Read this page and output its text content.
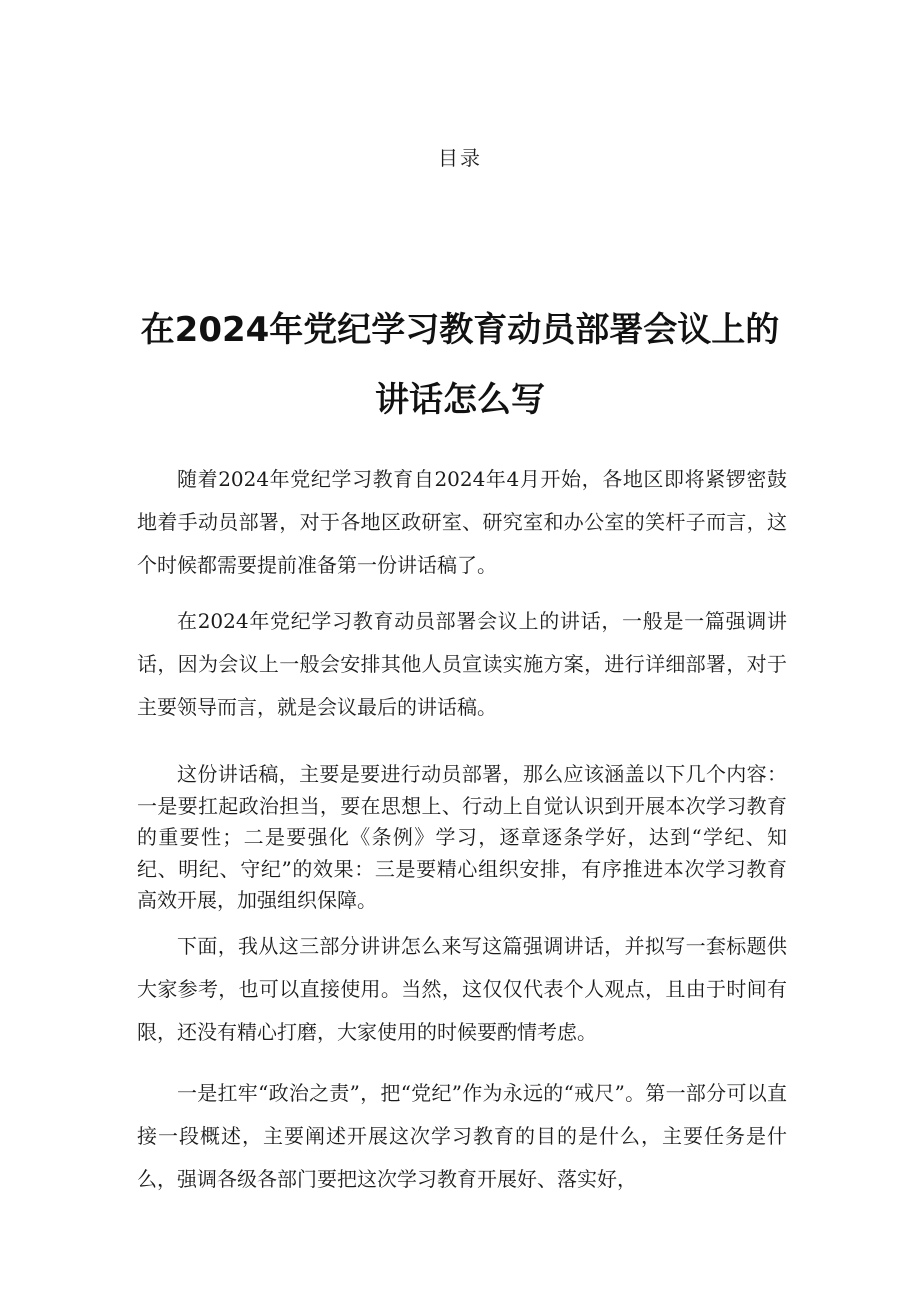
目录
在2024年党纪学习教育动员部署会议上的
讲话怎么写

随着2024年党纪学习教育自2024年4月开始，各地区即将紧锣密鼓地着手动员部署，对于各地区政研室、研究室和办公室的笑杆子而言，这个时候都需要提前准备第一份讲话稿了。

在2024年党纪学习教育动员部署会议上的讲话，一般是一篇强调讲话，因为会议上一般会安排其他人员宣读实施方案，进行详细部署，对于主要领导而言，就是会议最后的讲话稿。

这份讲话稿，主要是要进行动员部署，那么应该涵盖以下几个内容：一是要扛起政治担当，要在思想上、行动上自觉认识到开展本次学习教育的重要性；二是要强化《条例》学习，逐章逐条学好，达到“学纪、知纪、明纪、守纪”的效果：三是要精心组织安排，有序推进本次学习教育高效开展，加强组织保障。

下面，我从这三部分讲讲怎么来写这篇强调讲话，并拟写一套标题供大家参考，也可以直接使用。当然，这仅仅代表个人观点，且由于时间有限，还没有精心打磨，大家使用的时候要酌情考虑。

一是扛牢“政治之责”，把“党纪”作为永远的“戒尺”。第一部分可以直接一段概述，主要阐述开展这次学习教育的目的是什么，主要任务是什么，强调各级各部门要把这次学习教育开展好、落实好，
